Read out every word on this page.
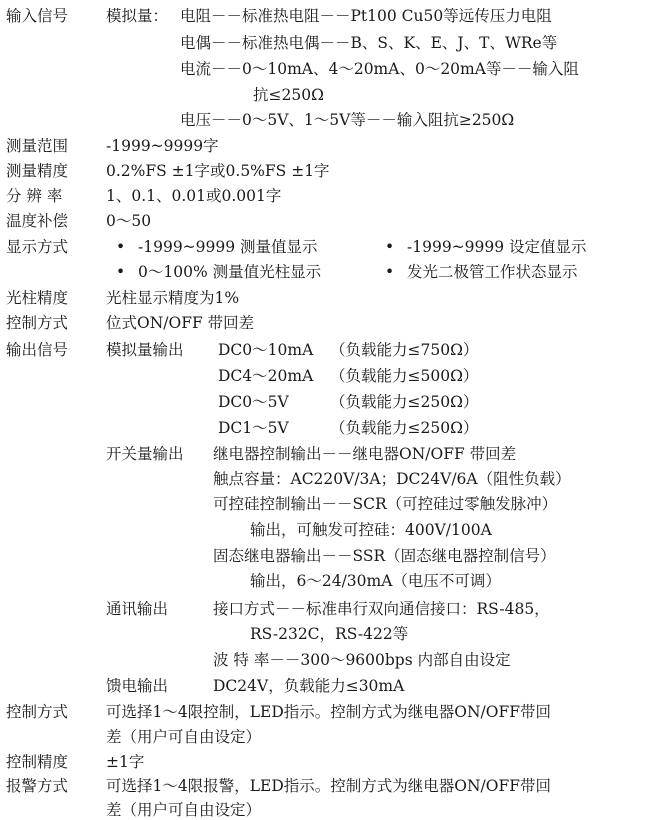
输入信号 模拟量： 电阻－－标准热电阻－－Pt100 Cu50等远传压力电阻
电偶－－标准热电偶－－B、S、K、E、J、T、WRe等
电流－－0～10mA、4～20mA、0～20mA等－－输入阻
抗≤250Ω
电压－－0～5V、1～5V等－－输入阻抗≥250Ω
测量范围 -1999~9999字
测量精度 0.2%FS ±1字或0.5%FS ±1字
分 辨 率	1、0.1、0.01或0.001字
温度补偿 0～50
显示方式	• -1999~9999 测量值显示	• -1999~9999 设定值显示
• 0～100% 测量值光柱显示	• 发光二极管工作状态显示
光柱精度 光柱显示精度为1%
控制方式 位式ON/OFF 带回差
输出信号 模拟量输出 DC0～10mA （负载能力≤750Ω）
DC4～20mA （负载能力≤500Ω）
DC0～5V	（负载能力≤250Ω）
DC1～5V	（负载能力≤250Ω）
开关量输出 继电器控制输出－－继电器ON/OFF 带回差
触点容量：AC220V/3A；DC24V/6A（阻性负载）
可控硅控制输出－－SCR（可控硅过零触发脉冲）
输出，可触发可控硅：400V/100A
固态继电器输出－－SSR（固态继电器控制信号）
输出，6～24/30mA（电压不可调）
通讯输出	接口方式－－标准串行双向通信接口：RS-485，
RS-232C，RS-422等
波 特 率－－300～9600bps 内部自由设定
馈电输出	DC24V，负载能力≤30mA
控制方式 可选择1～4限控制，LED指示。控制方式为继电器ON/OFF带回
差（用户可自由设定）
控制精度 ±1字
报警方式 可选择1～4限报警，LED指示。控制方式为继电器ON/OFF带回
差（用户可自由设定）
